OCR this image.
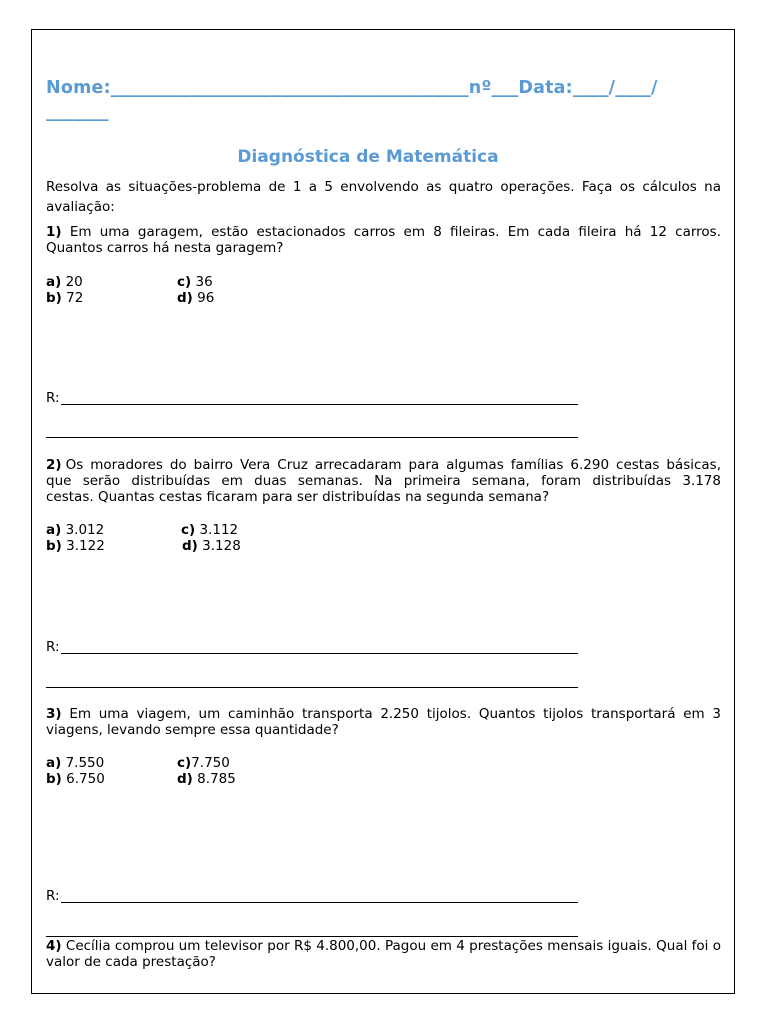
Nome:________________________________________nº___Data:____/____/
_______
Diagnóstica de Matemática
Resolva as situações-problema de 1 a 5 envolvendo as quatro operações. Faça os cálculos na avaliação:
1) Em uma garagem, estão estacionados carros em 8 fileiras. Em cada fileira há 12 carros. Quantos carros há nesta garagem?
a) 20
b) 72
c) 36
d) 96
R:
2) Os moradores do bairro Vera Cruz arrecadaram para algumas famílias 6.290 cestas básicas,
que serão distribuídas em duas semanas. Na primeira semana, foram distribuídas 3.178
cestas. Quantas cestas ficaram para ser distribuídas na segunda semana?
a) 3.012
b) 3.122
c) 3.112
d) 3.128
R:
3) Em uma viagem, um caminhão transporta 2.250 tijolos. Quantos tijolos transportará em 3 viagens, levando sempre essa quantidade?
a) 7.550
b) 6.750
c)7.750
d) 8.785
R:
4) Cecília comprou um televisor por R$ 4.800,00. Pagou em 4 prestações mensais iguais. Qual foi o valor de cada prestação?
